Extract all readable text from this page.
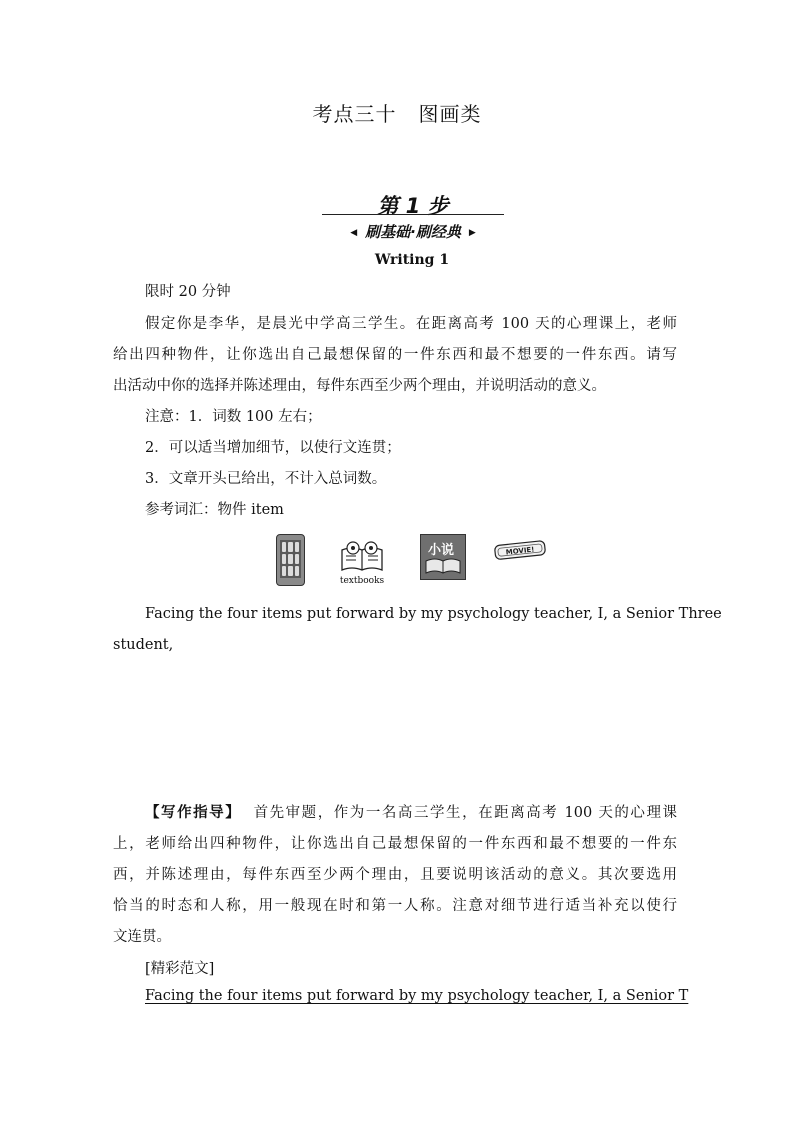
考点三十 图画类
第 1 步
◀ 刷基础·刷经典 ▶
Writing 1
限时 20 分钟
假定你是李华，是晨光中学高三学生。在距离高考 100 天的心理课上，老师
给出四种物件，让你选出自己最想保留的一件东西和最不想要的一件东西。请写
出活动中你的选择并陈述理由，每件东西至少两个理由，并说明活动的意义。
注意：1．词数 100 左右；
2．可以适当增加细节，以使行文连贯；
3．文章开头已给出，不计入总词数。
参考词汇：物件 item
textbooks
小说	MOVIE!
Facing the four items put forward by my psychology teacher, I, a Senior Three
student,
【写作指导】 首先审题，作为一名高三学生，在距离高考 100 天的心理课
上，老师给出四种物件，让你选出自己最想保留的一件东西和最不想要的一件东
西，并陈述理由，每件东西至少两个理由，且要说明该活动的意义。其次要选用
恰当的时态和人称，用一般现在时和第一人称。注意对细节进行适当补充以使行
文连贯。
[精彩范文]
Facing the four items put forward by my psychology teacher, I, a Senior T
